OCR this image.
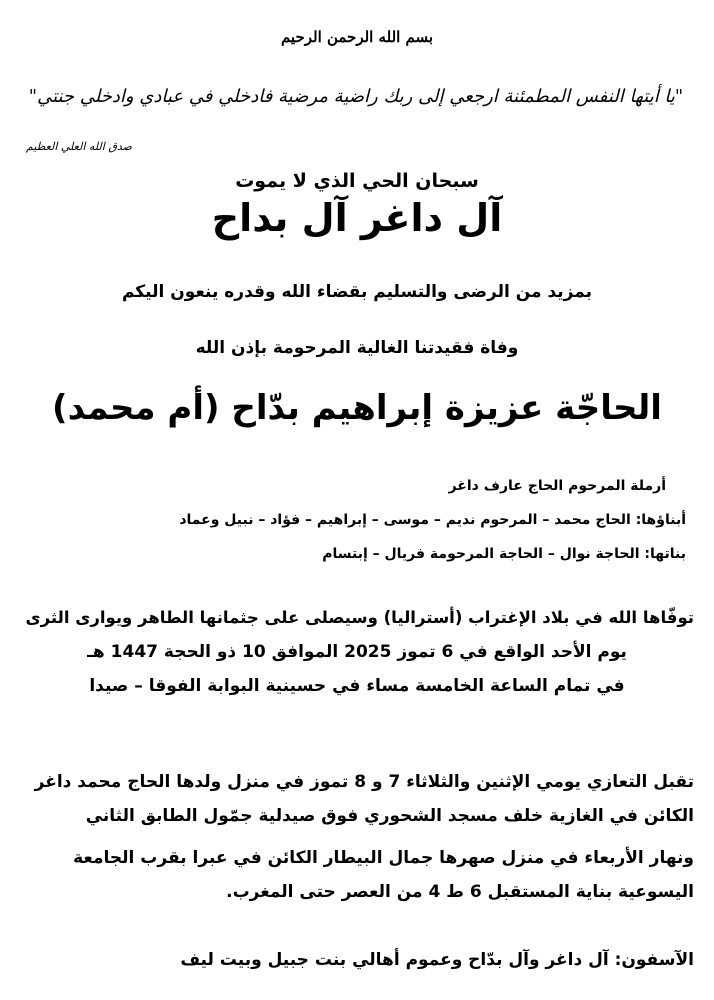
بسم الله الرحمن الرحيم
"يا أيتها النفس المطمئنة ارجعي إلى ربك راضية مرضية فادخلي في عبادي وادخلي جنتي"
صدق الله العلي العظيم
سبحان الحي الذي لا يموت
آل داغر آل بداح
بمزيد من الرضى والتسليم بقضاء الله وقدره ينعون اليكم
وفاة فقيدتنا الغالية المرحومة بإذن الله
الحاجّة عزيزة إبراهيم بدّاح (أم محمد)
أرملة المرحوم الحاج عارف داغر
أبناؤها: الحاج محمد – المرحوم نديم – موسى – إبراهيم – فؤاد – نبيل وعماد
بناتها: الحاجة نوال – الحاجة المرحومة فريال – إبتسام
توفّاها الله في بلاد الإغتراب (أستراليا) وسيصلى على جثمانها الطاهر ويوارى الثرى
يوم الأحد الواقع في 6 تموز 2025 الموافق 10 ذو الحجة 1447 هـ
في تمام الساعة الخامسة مساء في حسينية البوابة الفوقا – صيدا
تقبل التعازي يومي الإثنين والثلاثاء 7 و 8 تموز في منزل ولدها الحاج محمد داغر
الكائن في الغازية خلف مسجد الشحوري فوق صيدلية جمّول الطابق الثاني
ونهار الأربعاء في منزل صهرها جمال البيطار الكائن في عبرا بقرب الجامعة
اليسوعية بناية المستقبل 6 ط 4 من العصر حتى المغرب.
الآسفون: آل داغر وآل بدّاح وعموم أهالي بنت جبيل وبيت ليف
